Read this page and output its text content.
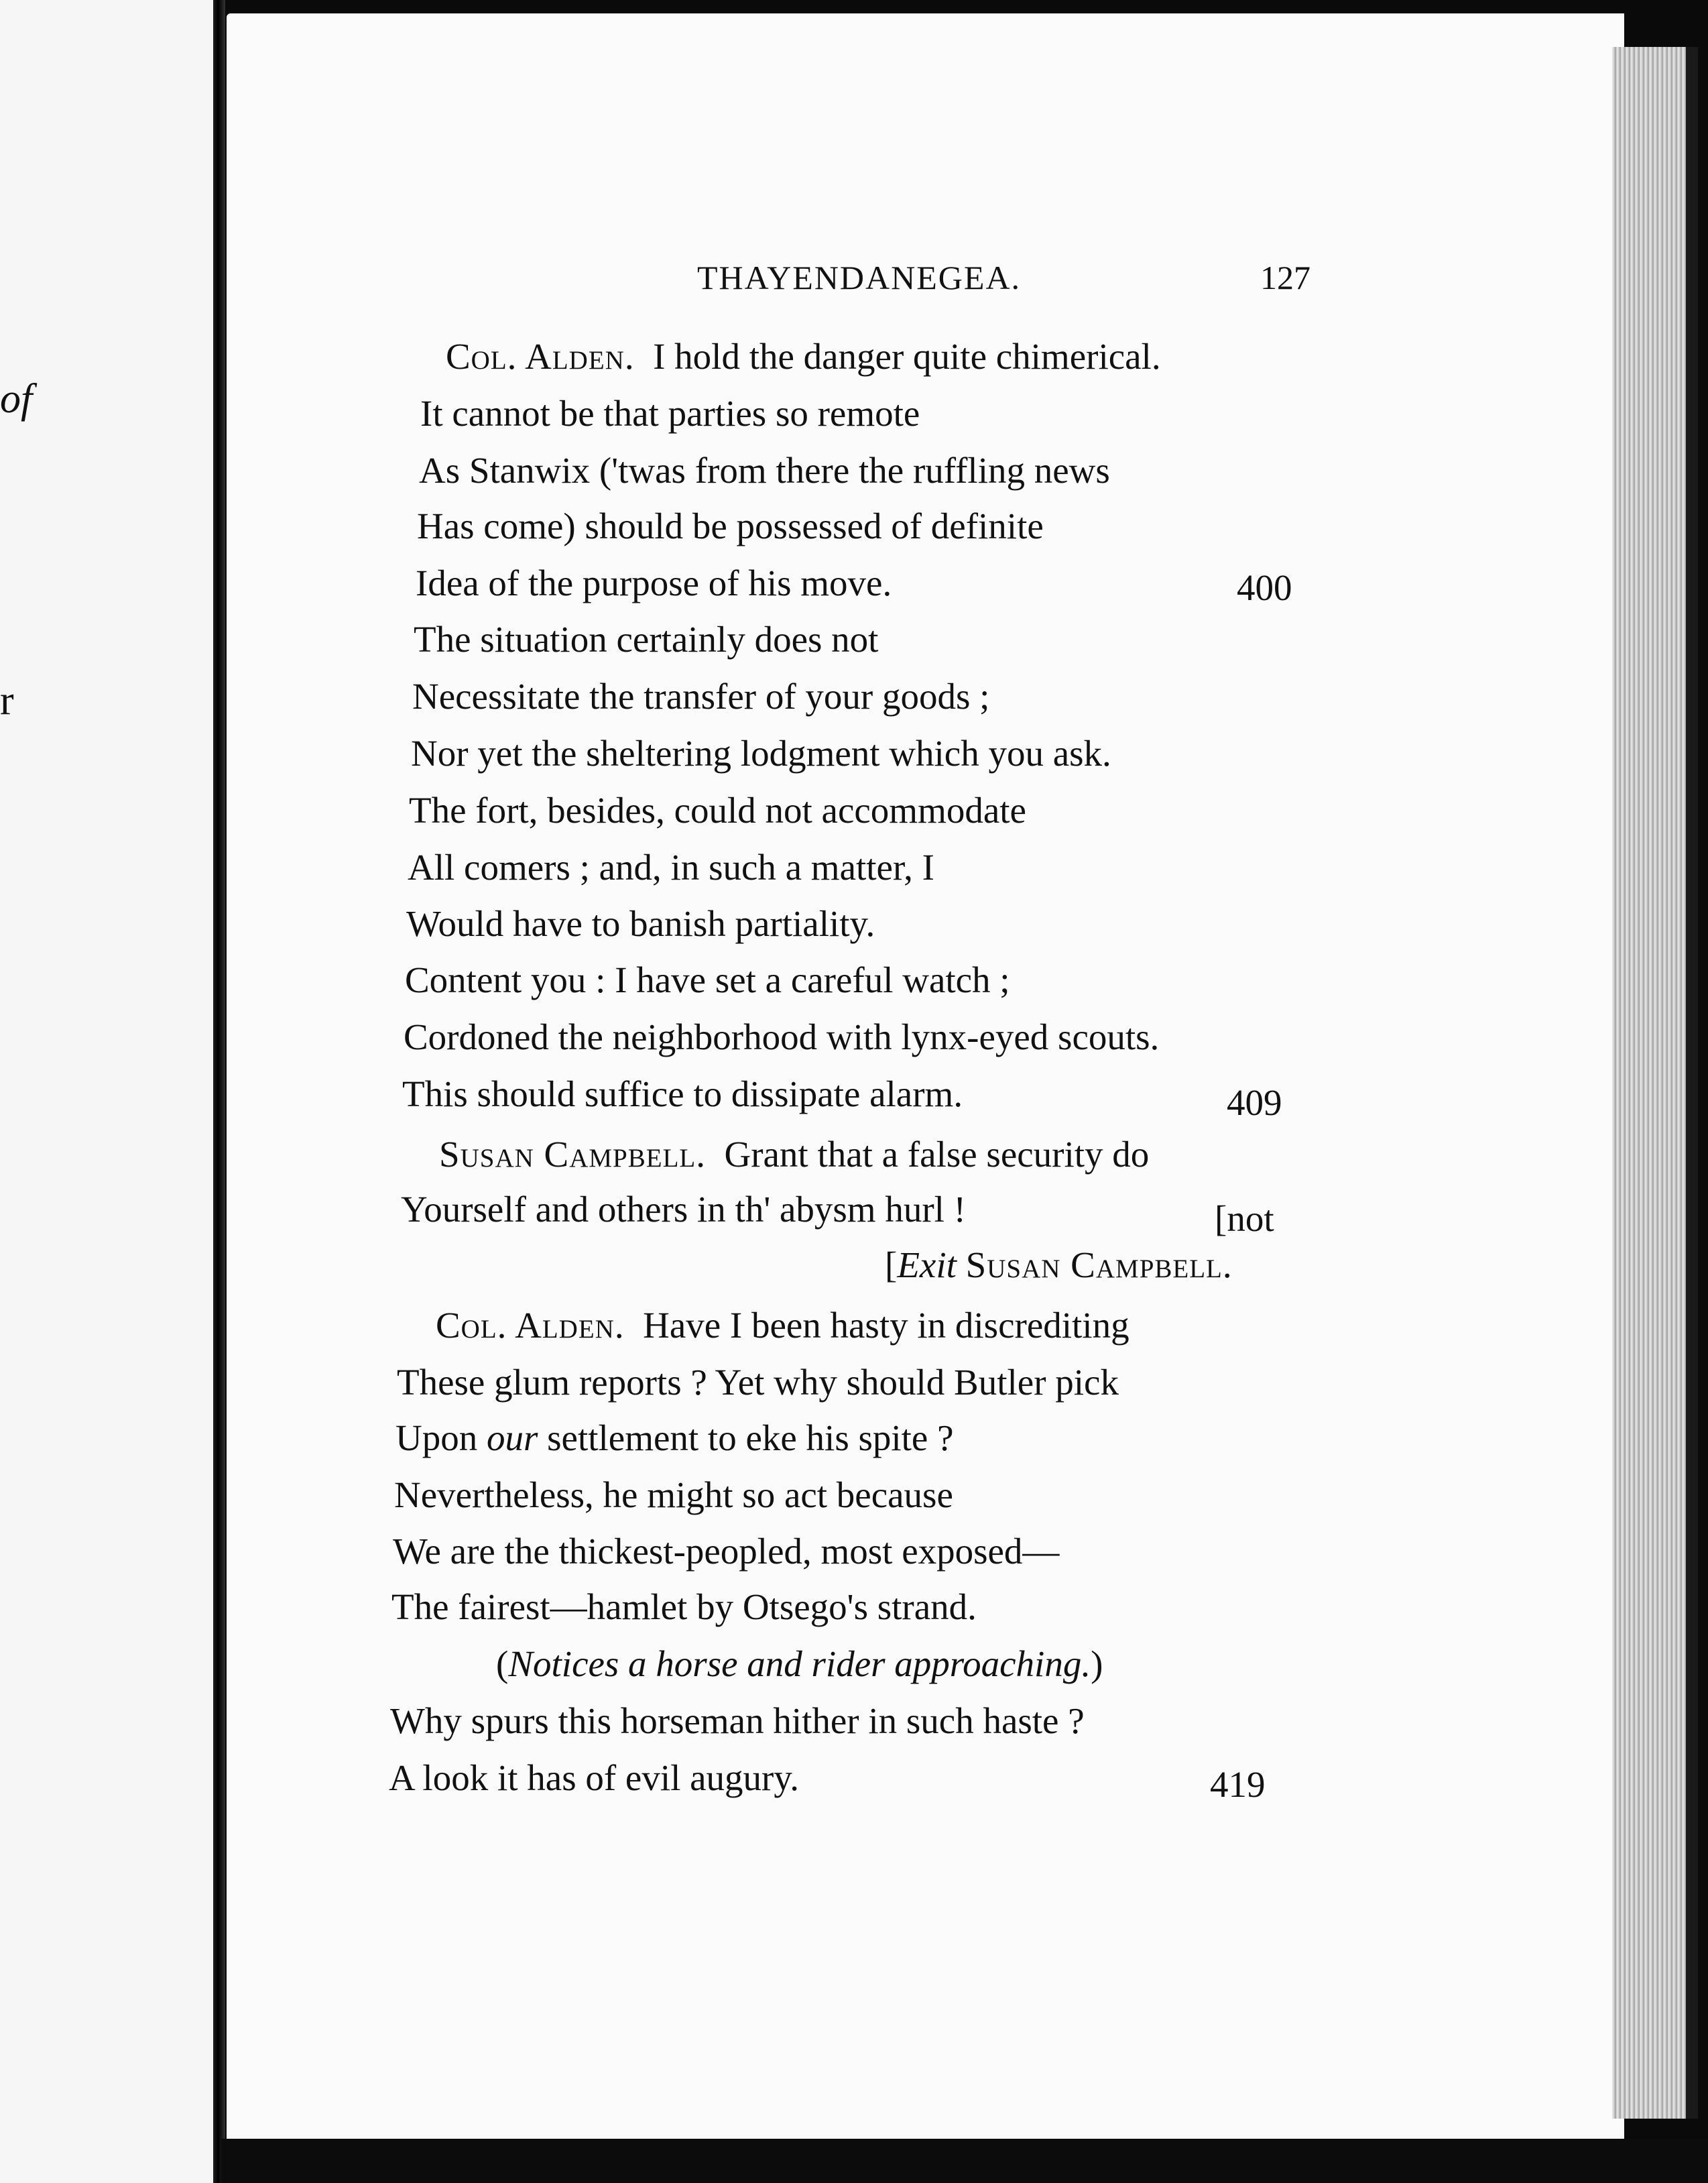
of
r
THAYENDANEGEA.	127
Col. Alden. I hold the danger quite chimerical.
It cannot be that parties so remote
As Stanwix ('twas from there the ruffling news
Has come) should be possessed of definite
Idea of the purpose of his move.	400
The situation certainly does not
Necessitate the transfer of your goods ;
Nor yet the sheltering lodgment which you ask.
The fort, besides, could not accommodate
All comers ; and, in such a matter, I
Would have to banish partiality.
Content you : I have set a careful watch ;
Cordoned the neighborhood with lynx-eyed scouts.
This should suffice to dissipate alarm.	409
Susan Campbell. Grant that a false security do
Yourself and others in th' abysm hurl !	[not
[Exit Susan Campbell.
Col. Alden. Have I been hasty in discrediting
These glum reports ? Yet why should Butler pick
Upon our settlement to eke his spite ?
Nevertheless, he might so act because
We are the thickest-peopled, most exposed—
The fairest—hamlet by Otsego's strand.
(Notices a horse and rider approaching.)
Why spurs this horseman hither in such haste ?
A look it has of evil augury.	419
